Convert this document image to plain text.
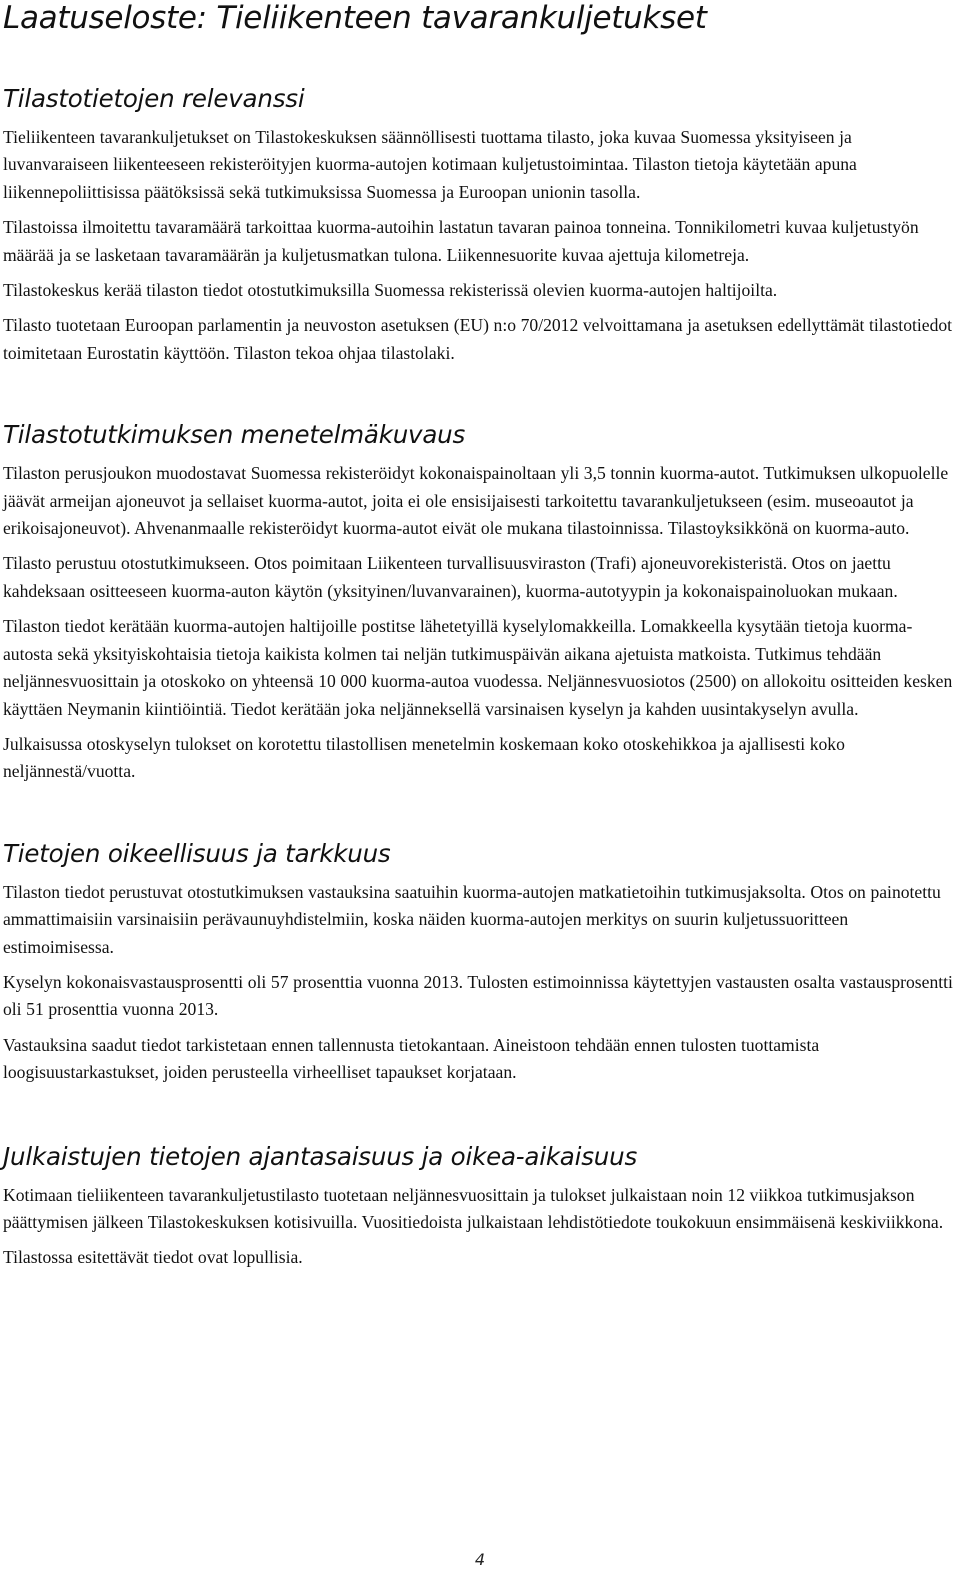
Laatuseloste: Tieliikenteen tavarankuljetukset
Tilastotietojen relevanssi

Tieliikenteen tavarankuljetukset on Tilastokeskuksen säännöllisesti tuottama tilasto, joka kuvaa Suomessa yksityiseen ja luvanvaraiseen liikenteeseen rekisteröityjen kuorma-autojen kotimaan kuljetustoimintaa. Tilaston tietoja käytetään apuna liikennepoliittisissa päätöksissä sekä tutkimuksissa Suomessa ja Euroopan unionin tasolla.

Tilastoissa ilmoitettu tavaramäärä tarkoittaa kuorma-autoihin lastatun tavaran painoa tonneina. Tonnikilometri kuvaa kuljetustyön määrää ja se lasketaan tavaramäärän ja kuljetusmatkan tulona. Liikennesuorite kuvaa ajettuja kilometreja.

Tilastokeskus kerää tilaston tiedot otostutkimuksilla Suomessa rekisterissä olevien kuorma-autojen haltijoilta.

Tilasto tuotetaan Euroopan parlamentin ja neuvoston asetuksen (EU) n:o 70/2012 velvoittamana ja asetuksen edellyttämät tilastotiedot toimitetaan Eurostatin käyttöön. Tilaston tekoa ohjaa tilastolaki.

Tilastotutkimuksen menetelmäkuvaus

Tilaston perusjoukon muodostavat Suomessa rekisteröidyt kokonaispainoltaan yli 3,5 tonnin kuorma-autot. Tutkimuksen ulkopuolelle jäävät armeijan ajoneuvot ja sellaiset kuorma-autot, joita ei ole ensisijaisesti tarkoitettu tavarankuljetukseen (esim. museoautot ja erikoisajoneuvot). Ahvenanmaalle rekisteröidyt kuorma-autot eivät ole mukana tilastoinnissa. Tilastoyksikkönä on kuorma-auto.

Tilasto perustuu otostutkimukseen. Otos poimitaan Liikenteen turvallisuusviraston (Trafi) ajoneuvorekisteristä. Otos on jaettu kahdeksaan ositteeseen kuorma-auton käytön (yksityinen/luvanvarainen), kuorma-autotyypin ja kokonaispainoluokan mukaan.

Tilaston tiedot kerätään kuorma-autojen haltijoille postitse lähetetyillä kyselylomakkeilla. Lomakkeella kysytään tietoja kuorma-autosta sekä yksityiskohtaisia tietoja kaikista kolmen tai neljän tutkimuspäivän aikana ajetuista matkoista. Tutkimus tehdään neljännesvuosittain ja otoskoko on yhteensä 10 000 kuorma-autoa vuodessa. Neljännesvuosiotos (2500) on allokoitu ositteiden kesken käyttäen Neymanin kiintiöintiä. Tiedot kerätään joka neljänneksellä varsinaisen kyselyn ja kahden uusintakyselyn avulla.

Julkaisussa otoskyselyn tulokset on korotettu tilastollisen menetelmin koskemaan koko otoskehikkoa ja ajallisesti koko neljännestä/vuotta.

Tietojen oikeellisuus ja tarkkuus

Tilaston tiedot perustuvat otostutkimuksen vastauksina saatuihin kuorma-autojen matkatietoihin tutkimusjaksolta. Otos on painotettu ammattimaisiin varsinaisiin perävaunuyhdistelmiin, koska näiden kuorma-autojen merkitys on suurin kuljetussuoritteen estimoimisessa.

Kyselyn kokonaisvastausprosentti oli 57 prosenttia vuonna 2013. Tulosten estimoinnissa käytettyjen vastausten osalta vastausprosentti oli 51 prosenttia vuonna 2013.

Vastauksina saadut tiedot tarkistetaan ennen tallennusta tietokantaan. Aineistoon tehdään ennen tulosten tuottamista loogisuustarkastukset, joiden perusteella virheelliset tapaukset korjataan.

Julkaistujen tietojen ajantasaisuus ja oikea-aikaisuus

Kotimaan tieliikenteen tavarankuljetustilasto tuotetaan neljännesvuosittain ja tulokset julkaistaan noin 12 viikkoa tutkimusjakson päättymisen jälkeen Tilastokeskuksen kotisivuilla. Vuositiedoista julkaistaan lehdistötiedote toukokuun ensimmäisenä keskiviikkona.

Tilastossa esitettävät tiedot ovat lopullisia.

4
